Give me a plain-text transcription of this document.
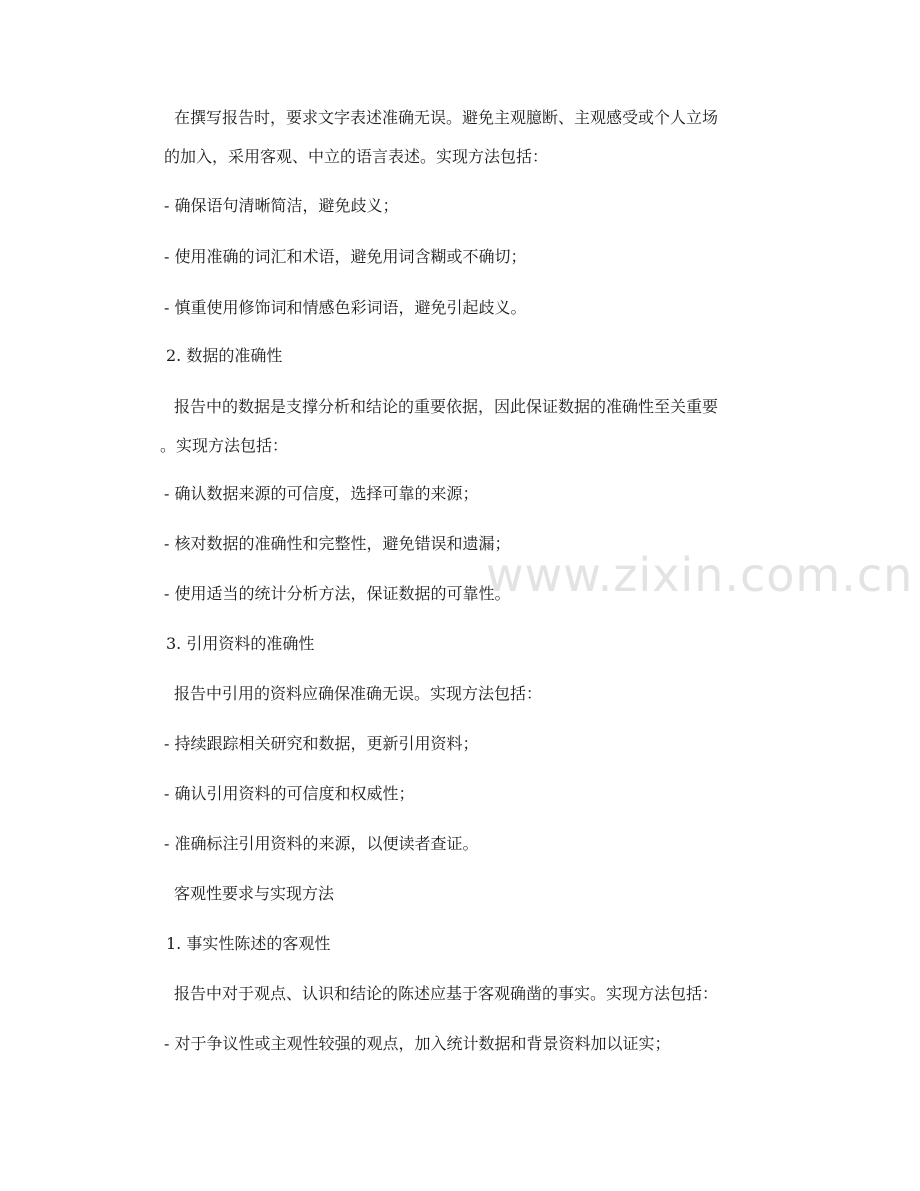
www.zixin.com.cn

在撰写报告时，要求文字表述准确无误。避免主观臆断、主观感受或个人立场

的加入，采用客观、中立的语言表述。实现方法包括：

- 确保语句清晰简洁，避免歧义；

- 使用准确的词汇和术语，避免用词含糊或不确切；

- 慎重使用修饰词和情感色彩词语，避免引起歧义。

2. 数据的准确性

报告中的数据是支撑分析和结论的重要依据，因此保证数据的准确性至关重要

。实现方法包括：

- 确认数据来源的可信度，选择可靠的来源；

- 核对数据的准确性和完整性，避免错误和遗漏；

- 使用适当的统计分析方法，保证数据的可靠性。

3. 引用资料的准确性

报告中引用的资料应确保准确无误。实现方法包括：

- 持续跟踪相关研究和数据，更新引用资料；

- 确认引用资料的可信度和权威性；

- 准确标注引用资料的来源，以便读者查证。

客观性要求与实现方法

1. 事实性陈述的客观性

报告中对于观点、认识和结论的陈述应基于客观确凿的事实。实现方法包括：

- 对于争议性或主观性较强的观点，加入统计数据和背景资料加以证实；
